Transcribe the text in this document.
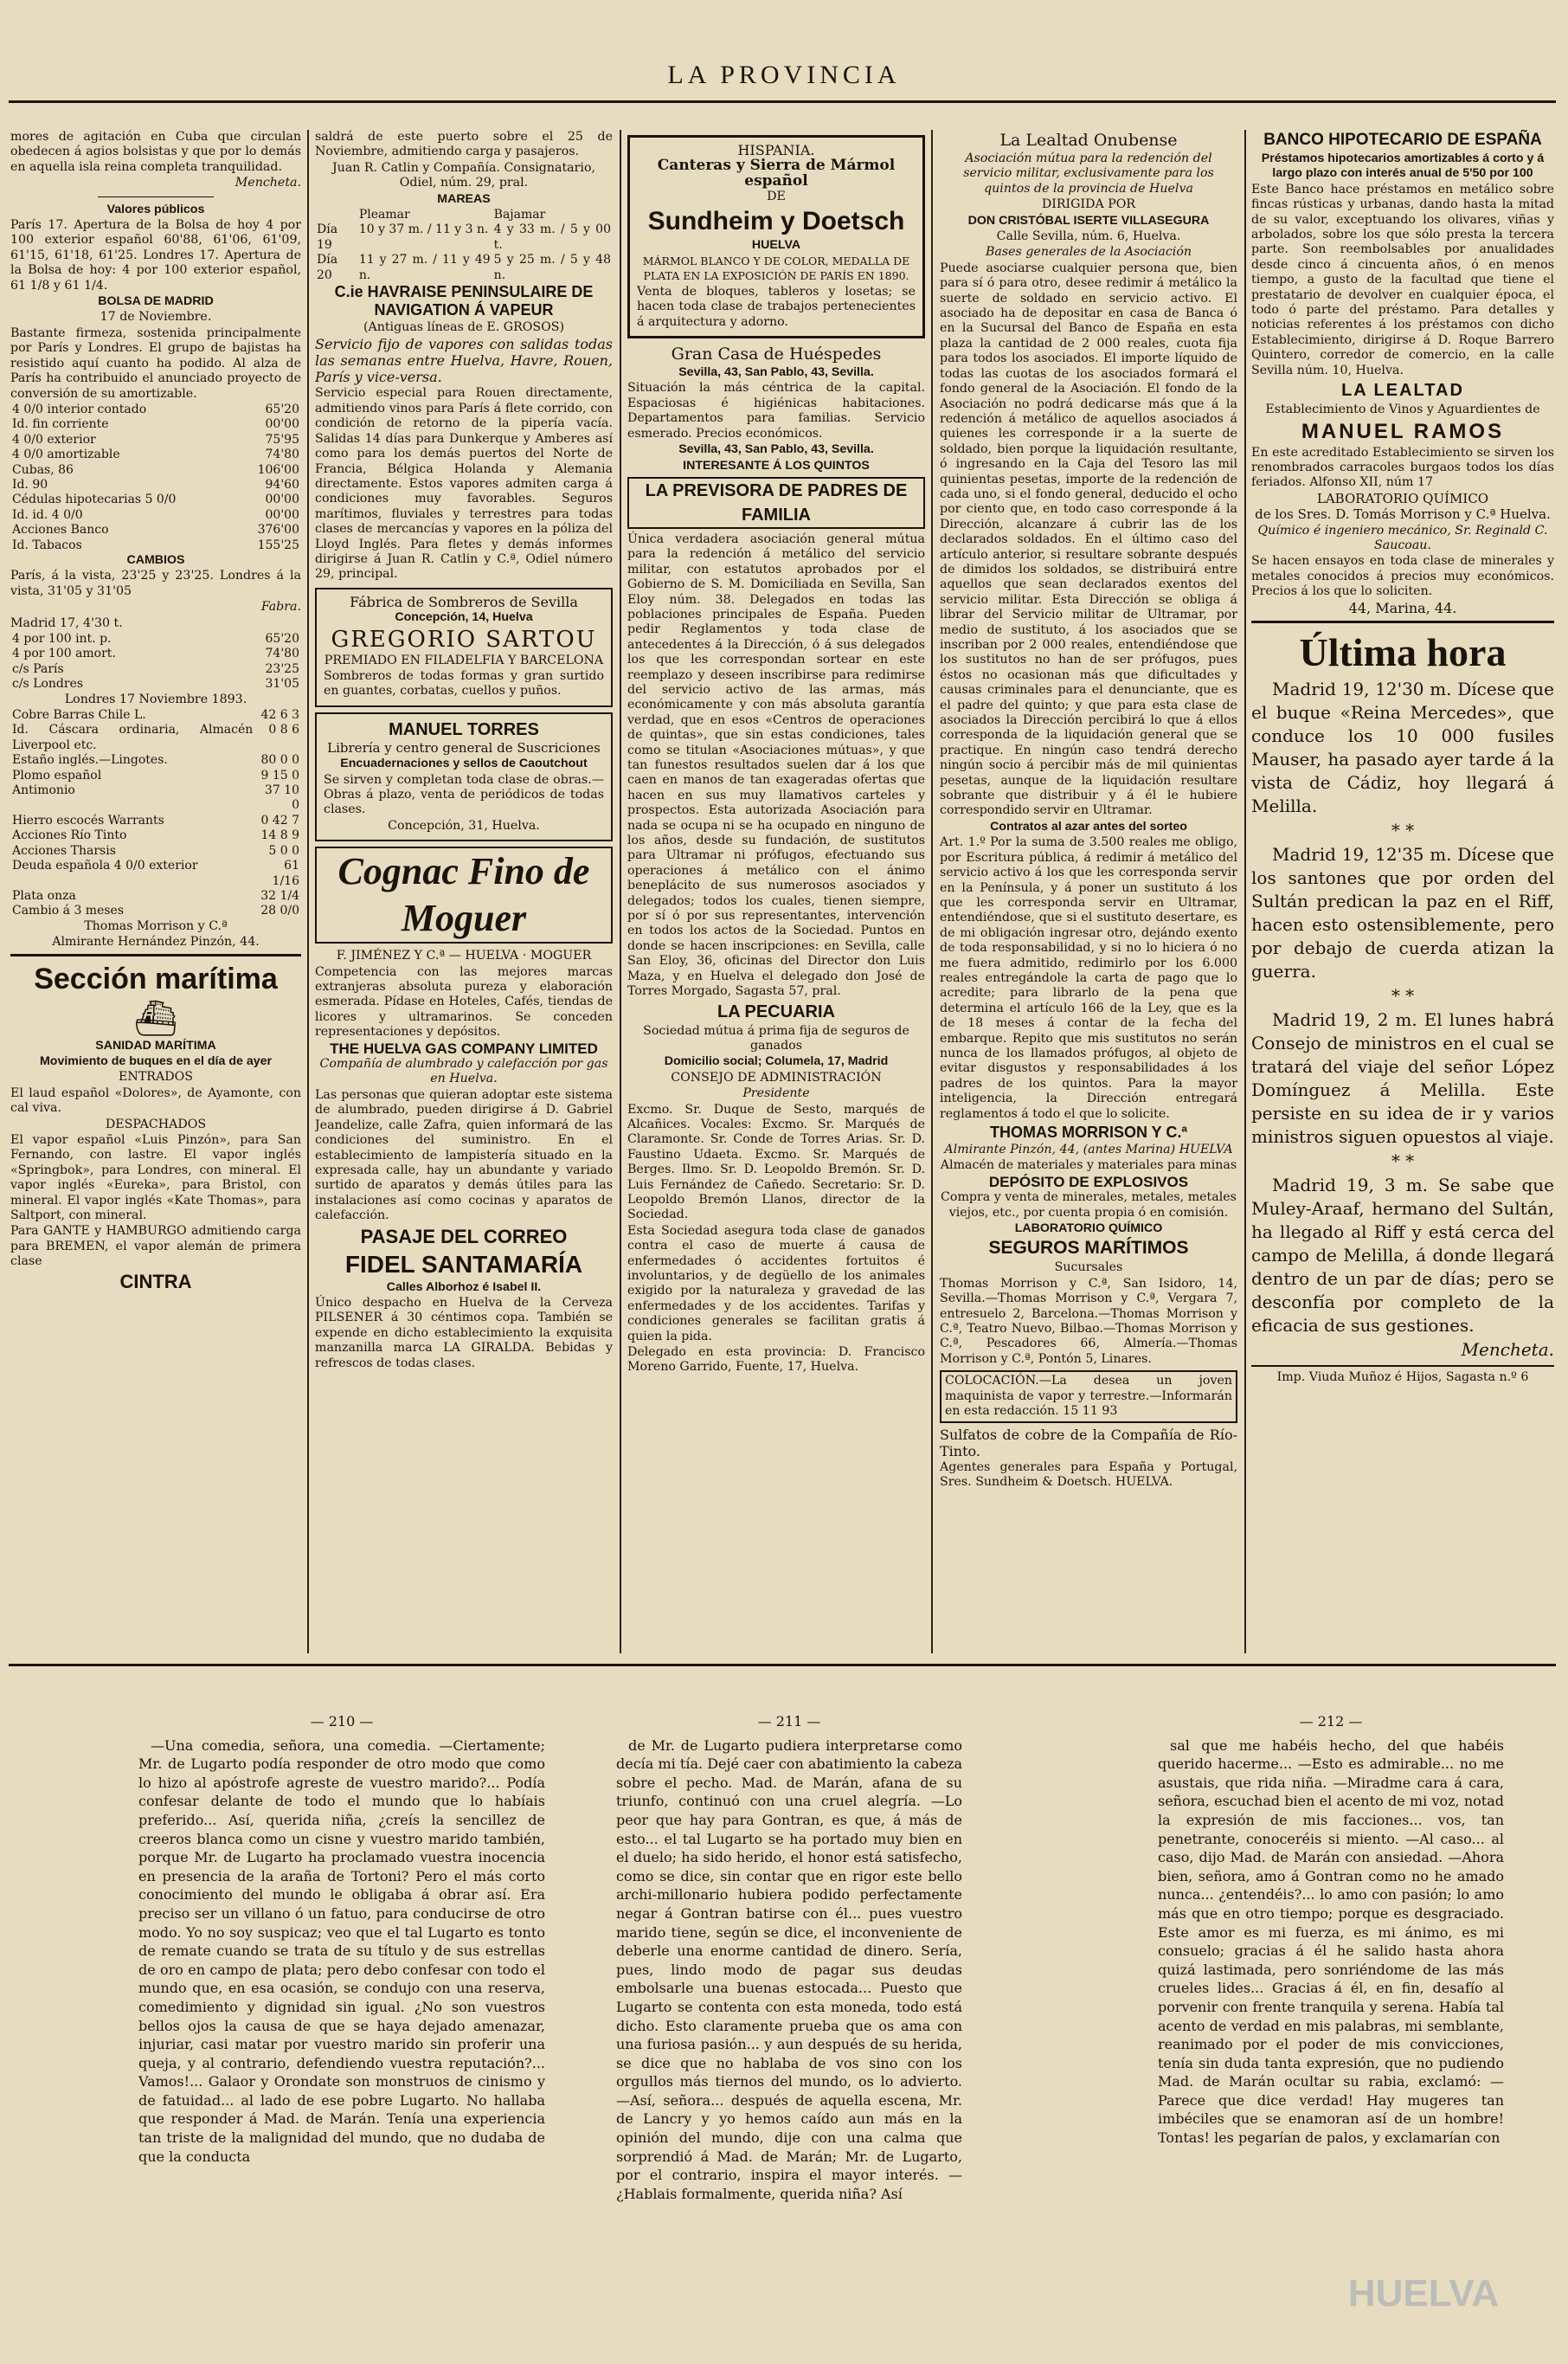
LA PROVINCIA

mores de agitación en Cuba que circulan obedecen á agios bolsistas y que por lo demás en aquella isla reina completa tranquilidad.

Mencheta.

Valores públicos

París 17. Apertura de la Bolsa de hoy 4 por 100 exterior español 60'88, 61'06, 61'09, 61'15, 61'18, 61'25. Londres 17. Apertura de la Bolsa de hoy: 4 por 100 exterior español, 61 1/8 y 61 1/4.

BOLSA DE MADRID

17 de Noviembre.

Bastante firmeza, sostenida principalmente por París y Londres. El grupo de bajistas ha resistido aquí cuanto ha podido. Al alza de París ha contribuido el anunciado proyecto de conversión de su amortizable.

4 0/0 interior contado	65'20
Id. fin corriente	00'00
4 0/0 exterior	75'95
4 0/0 amortizable	74'80
Cubas, 86	106'00
Id. 90	94'60
Cédulas hipotecarias 5 0/0	00'00
Id. id. 4 0/0	00'00
Acciones Banco	376'00
Id. Tabacos	155'25

CAMBIOS

París, á la vista, 23'25 y 23'25. Londres á la vista, 31'05 y 31'05

Fabra.

Madrid 17, 4'30 t.

4 por 100 int. p.	65'20
4 por 100 amort.	74'80
c/s París	23'25
c/s Londres	31'05

Londres 17 Noviembre 1893.

Cobre Barras Chile L.	42 6 3
Id. Cáscara ordinaria, Almacén Liverpool etc.	0 8 6
Estaño inglés.—Lingotes.	80 0 0
Plomo español	9 15 0
Antimonio	37 10 0
Hierro escocés Warrants	0 42 7
Acciones Río Tinto	14 8 9
Acciones Tharsis	5 0 0
Deuda española 4 0/0 exterior	61 1/16
Plata onza	32 1/4
Cambio á 3 meses	28 0/0

Thomas Morrison y C.ª

Almirante Hernández Pinzón, 44.

Sección marítima

⛴

SANIDAD MARÍTIMA

Movimiento de buques en el día de ayer

ENTRADOS

El laud español «Dolores», de Ayamonte, con cal viva.

DESPACHADOS

El vapor español «Luis Pinzón», para San Fernando, con lastre. El vapor inglés «Springbok», para Londres, con mineral. El vapor inglés «Eureka», para Bristol, con mineral. El vapor inglés «Kate Thomas», para Saltport, con mineral.

Para GANTE y HAMBURGO admitiendo carga para BREMEN, el vapor alemán de primera clase

CINTRA

saldrá de este puerto sobre el 25 de Noviembre, admitiendo carga y pasajeros.

Juan R. Catlin y Compañía. Consignatario, Odiel, núm. 29, pral.

MAREAS

	Pleamar	Bajamar
Día 19	10 y 37 m. / 11 y 3 n.	4 y 33 m. / 5 y 00 t.
Día 20	11 y 27 m. / 11 y 49 n.	5 y 25 m. / 5 y 48 n.

C.ie HAVRAISE PENINSULAIRE DE NAVIGATION Á VAPEUR

(Antiguas líneas de E. GROSOS)

Servicio fijo de vapores con salidas todas las semanas entre Huelva, Havre, Rouen, París y vice-versa.

Servicio especial para Rouen directamente, admitiendo vinos para París á flete corrido, con condición de retorno de la pipería vacía. Salidas 14 días para Dunkerque y Amberes así como para los demás puertos del Norte de Francia, Bélgica Holanda y Alemania directamente. Estos vapores admiten carga á condiciones muy favorables. Seguros marítimos, fluviales y terrestres para todas clases de mercancías y vapores en la póliza del Lloyd Inglés. Para fletes y demás informes dirigirse á Juan R. Catlin y C.ª, Odiel número 29, principal.

Fábrica de Sombreros de Sevilla

Concepción, 14, Huelva

GREGORIO SARTOU

PREMIADO EN FILADELFIA Y BARCELONA

Sombreros de todas formas y gran surtido en guantes, corbatas, cuellos y puños.

MANUEL TORRES

Librería y centro general de Suscriciones

Encuadernaciones y sellos de Caoutchout

Se sirven y completan toda clase de obras.—Obras á plazo, venta de periódicos de todas clases.

Concepción, 31, Huelva.

Cognac Fino de Moguer

F. JIMÉNEZ Y C.ª — HUELVA · MOGUER

Competencia con las mejores marcas extranjeras absoluta pureza y elaboración esmerada. Pídase en Hoteles, Cafés, tiendas de licores y ultramarinos. Se conceden representaciones y depósitos.

THE HUELVA GAS COMPANY LIMITED

Compañía de alumbrado y calefacción por gas en Huelva.

Las personas que quieran adoptar este sistema de alumbrado, pueden dirigirse á D. Gabriel Jeandelize, calle Zafra, quien informará de las condiciones del suministro. En el establecimiento de lampistería situado en la expresada calle, hay un abundante y variado surtido de aparatos y demás útiles para las instalaciones así como cocinas y aparatos de calefacción.

PASAJE DEL CORREO

FIDEL SANTAMARÍA

Calles Alborhoz é Isabel II.

Único despacho en Huelva de la Cerveza PILSENER á 30 céntimos copa. También se expende en dicho establecimiento la exquisita manzanilla marca LA GIRALDA. Bebidas y refrescos de todas clases.

HISPANIA.

Canteras y Sierra de Mármol español

DE

Sundheim y Doetsch

HUELVA

MÁRMOL BLANCO Y DE COLOR, MEDALLA DE PLATA EN LA EXPOSICIÓN DE PARÍS EN 1890.

Venta de bloques, tableros y losetas; se hacen toda clase de trabajos pertenecientes á arquitectura y adorno.

Gran Casa de Huéspedes

Sevilla, 43, San Pablo, 43, Sevilla.

Situación la más céntrica de la capital. Espaciosas é higiénicas habitaciones. Departamentos para familias. Servicio esmerado. Precios económicos.

Sevilla, 43, San Pablo, 43, Sevilla.

INTERESANTE Á LOS QUINTOS

LA PREVISORA DE PADRES DE FAMILIA

Única verdadera asociación general mútua para la redención á metálico del servicio militar, con estatutos aprobados por el Gobierno de S. M. Domiciliada en Sevilla, San Eloy núm. 38. Delegados en todas las poblaciones principales de España. Pueden pedir Reglamentos y toda clase de antecedentes á la Dirección, ó á sus delegados los que les correspondan sortear en este reemplazo y deseen inscribirse para redimirse del servicio activo de las armas, más económicamente y con más absoluta garantía verdad, que en esos «Centros de operaciones de quintas», que sin estas condiciones, tales como se titulan «Asociaciones mútuas», y que tan funestos resultados suelen dar á los que caen en manos de tan exageradas ofertas que hacen en sus muy llamativos carteles y prospectos. Esta autorizada Asociación para nada se ocupa ni se ha ocupado en ninguno de los años, desde su fundación, de sustitutos para Ultramar ni prófugos, efectuando sus operaciones á metálico con el ánimo beneplácito de sus numerosos asociados y delegados; todos los cuales, tienen siempre, por sí ó por sus representantes, intervención en todos los actos de la Sociedad. Puntos en donde se hacen inscripciones: en Sevilla, calle San Eloy, 36, oficinas del Director don Luis Maza, y en Huelva el delegado don José de Torres Morgado, Sagasta 57, pral.

LA PECUARIA

Sociedad mútua á prima fija de seguros de ganados

Domicilio social; Columela, 17, Madrid

CONSEJO DE ADMINISTRACIÓN

Presidente

Excmo. Sr. Duque de Sesto, marqués de Alcañices. Vocales: Excmo. Sr. Marqués de Claramonte. Sr. Conde de Torres Arias. Sr. D. Faustino Udaeta. Excmo. Sr. Marqués de Berges. Ilmo. Sr. D. Leopoldo Bremón. Sr. D. Luis Fernández de Cañedo. Secretario: Sr. D. Leopoldo Bremón Llanos, director de la Sociedad.

Esta Sociedad asegura toda clase de ganados contra el caso de muerte á causa de enfermedades ó accidentes fortuitos é involuntarios, y de degüello de los animales exigido por la naturaleza y gravedad de las enfermedades y de los accidentes. Tarifas y condiciones generales se facilitan gratis á quien la pida.

Delegado en esta provincia: D. Francisco Moreno Garrido, Fuente, 17, Huelva.

La Lealtad Onubense

Asociación mútua para la redención del servicio militar, exclusivamente para los quintos de la provincia de Huelva

DIRIGIDA POR

DON CRISTÓBAL ISERTE VILLASEGURA

Calle Sevilla, núm. 6, Huelva.

Bases generales de la Asociación

Puede asociarse cualquier persona que, bien para sí ó para otro, desee redimir á metálico la suerte de soldado en servicio activo. El asociado ha de depositar en casa de Banca ó en la Sucursal del Banco de España en esta plaza la cantidad de 2 000 reales, cuota fija para todos los asociados. El importe líquido de todas las cuotas de los asociados formará el fondo general de la Asociación. El fondo de la Asociación no podrá dedicarse más que á la redención á metálico de aquellos asociados á quienes les corresponde ir a la suerte de soldado, bien porque la liquidación resultante, ó ingresando en la Caja del Tesoro las mil quinientas pesetas, importe de la redención de cada uno, si el fondo general, deducido el ocho por ciento que, en todo caso corresponde á la Dirección, alcanzare á cubrir las de los declarados soldados. En el último caso del artículo anterior, si resultare sobrante después de dimidos los soldados, se distribuirá entre aquellos que sean declarados exentos del servicio militar. Esta Dirección se obliga á librar del Servicio militar de Ultramar, por medio de sustituto, á los asociados que se inscriban por 2 000 reales, entendiéndose que los sustitutos no han de ser prófugos, pues éstos no ocasionan más que dificultades y causas criminales para el denunciante, que es el padre del quinto; y que para esta clase de asociados la Dirección percibirá lo que á ellos corresponda de la liquidación general que se practique. En ningún caso tendrá derecho ningún socio á percibir más de mil quinientas pesetas, aunque de la liquidación resultare sobrante que distribuir y á él le hubiere correspondido servir en Ultramar.

Contratos al azar antes del sorteo

Art. 1.º Por la suma de 3.500 reales me obligo, por Escritura pública, á redimir á metálico del servicio activo á los que les corresponda servir en la Península, y á poner un sustituto á los que les corresponda servir en Ultramar, entendiéndose, que si el sustituto desertare, es de mi obligación ingresar otro, dejándo exento de toda responsabilidad, y si no lo hiciera ó no me fuera admitido, redimirlo por los 6.000 reales entregándole la carta de pago que lo acredite; para librarlo de la pena que determina el artículo 166 de la Ley, que es la de 18 meses á contar de la fecha del embarque. Repito que mis sustitutos no serán nunca de los llamados prófugos, al objeto de evitar disgustos y responsabilidades á los padres de los quintos. Para la mayor inteligencia, la Dirección entregará reglamentos á todo el que lo solicite.

THOMAS MORRISON Y C.ª

Almirante Pinzón, 44, (antes Marina) HUELVA

Almacén de materiales y materiales para minas

DEPÓSITO DE EXPLOSIVOS

Compra y venta de minerales, metales, metales viejos, etc., por cuenta propia ó en comisión.

LABORATORIO QUÍMICO

SEGUROS MARÍTIMOS

Sucursales

Thomas Morrison y C.ª, San Isidoro, 14, Sevilla.—Thomas Morrison y C.ª, Vergara 7, entresuelo 2, Barcelona.—Thomas Morrison y C.ª, Teatro Nuevo, Bilbao.—Thomas Morrison y C.ª, Pescadores 66, Almería.—Thomas Morrison y C.ª, Pontón 5, Linares.

COLOCACIÓN.—La desea un joven maquinista de vapor y terrestre.—Informarán en esta redacción. 15 11 93

Sulfatos de cobre de la Compañía de Río-Tinto.

Agentes generales para España y Portugal, Sres. Sundheim & Doetsch. HUELVA.

BANCO HIPOTECARIO DE ESPAÑA

Préstamos hipotecarios amortizables á corto y á largo plazo con interés anual de 5'50 por 100

Este Banco hace préstamos en metálico sobre fincas rústicas y urbanas, dando hasta la mitad de su valor, exceptuando los olivares, viñas y arbolados, sobre los que sólo presta la tercera parte. Son reembolsables por anualidades desde cinco á cincuenta años, ó en menos tiempo, a gusto de la facultad que tiene el prestatario de devolver en cualquier época, el todo ó parte del préstamo. Para detalles y noticias referentes á los préstamos con dicho Establecimiento, dirigirse á D. Roque Barrero Quintero, corredor de comercio, en la calle Sevilla núm. 10, Huelva.

LA LEALTAD

Establecimiento de Vinos y Aguardientes de

MANUEL RAMOS

En este acreditado Establecimiento se sirven los renombrados carracoles burgaos todos los días feriados. Alfonso XII, núm 17

LABORATORIO QUÍMICO

de los Sres. D. Tomás Morrison y C.ª Huelva.

Químico é ingeniero mecánico, Sr. Reginald C. Saucoau.

Se hacen ensayos en toda clase de minerales y metales conocidos á precios muy económicos. Precios á los que lo soliciten.

44, Marina, 44.

Última hora

Madrid 19, 12'30 m. Dícese que el buque «Reina Mercedes», que conduce los 10 000 fusiles Mauser, ha pasado ayer tarde á la vista de Cádiz, hoy llegará á Melilla.

* *

Madrid 19, 12'35 m. Dícese que los santones que por orden del Sultán predican la paz en el Riff, hacen esto ostensiblemente, pero por debajo de cuerda atizan la guerra.

* *

Madrid 19, 2 m. El lunes habrá Consejo de ministros en el cual se tratará del viaje del señor López Domínguez á Melilla. Este persiste en su idea de ir y varios ministros siguen opuestos al viaje.

* *

Madrid 19, 3 m. Se sabe que Muley-Araaf, hermano del Sultán, ha llegado al Riff y está cerca del campo de Melilla, á donde llegará dentro de un par de días; pero se desconfía por completo de la eficacia de sus gestiones.

Mencheta.

Imp. Viuda Muñoz é Hijos, Sagasta n.º 6

— 210 —

—Una comedia, señora, una comedia. —Ciertamente; Mr. de Lugarto podía responder de otro modo que como lo hizo al apóstrofe agreste de vuestro marido?... Podía confesar delante de todo el mundo que lo habíais preferido... Así, querida niña, ¿creís la sencillez de creeros blanca como un cisne y vuestro marido también, porque Mr. de Lugarto ha proclamado vuestra inocencia en presencia de la araña de Tortoni? Pero el más corto conocimiento del mundo le obligaba á obrar así. Era preciso ser un villano ó un fatuo, para conducirse de otro modo. Yo no soy suspicaz; veo que el tal Lugarto es tonto de remate cuando se trata de su título y de sus estrellas de oro en campo de plata; pero debo confesar con todo el mundo que, en esa ocasión, se condujo con una reserva, comedimiento y dignidad sin igual. ¿No son vuestros bellos ojos la causa de que se haya dejado amenazar, injuriar, casi matar por vuestro marido sin proferir una queja, y al contrario, defendiendo vuestra reputación?... Vamos!... Galaor y Orondate son monstruos de cinismo y de fatuidad... al lado de ese pobre Lugarto. No hallaba que responder á Mad. de Marán. Tenía una experiencia tan triste de la malignidad del mundo, que no dudaba de que la conducta

— 211 —

de Mr. de Lugarto pudiera interpretarse como decía mi tía. Dejé caer con abatimiento la cabeza sobre el pecho. Mad. de Marán, afana de su triunfo, continuó con una cruel alegría. —Lo peor que hay para Gontran, es que, á más de esto... el tal Lugarto se ha portado muy bien en el duelo; ha sido herido, el honor está satisfecho, como se dice, sin contar que en rigor este bello archi-millonario hubiera podido perfectamente negar á Gontran batirse con él... pues vuestro marido tiene, según se dice, el inconveniente de deberle una enorme cantidad de dinero. Sería, pues, lindo modo de pagar sus deudas embolsarle una buenas estocada... Puesto que Lugarto se contenta con esta moneda, todo está dicho. Esto claramente prueba que os ama con una furiosa pasión... y aun después de su herida, se dice que no hablaba de vos sino con los orgullos más tiernos del mundo, os lo advierto. —Así, señora... después de aquella escena, Mr. de Lancry y yo hemos caído aun más en la opinión del mundo, dije con una calma que sorprendió á Mad. de Marán; Mr. de Lugarto, por el contrario, inspira el mayor interés. —¿Hablais formalmente, querida niña? Así

— 212 —

sal que me habéis hecho, del que habéis querido hacerme... —Esto es admirable... no me asustais, que rida niña. —Miradme cara á cara, señora, escuchad bien el acento de mi voz, notad la expresión de mis facciones... vos, tan penetrante, conoceréis si miento. —Al caso... al caso, dijo Mad. de Marán con ansiedad. —Ahora bien, señora, amo á Gontran como no he amado nunca... ¿entendéis?... lo amo con pasión; lo amo más que en otro tiempo; porque es desgraciado. Este amor es mi fuerza, es mi ánimo, es mi consuelo; gracias á él he salido hasta ahora quizá lastimada, pero sonriéndome de las más crueles lides... Gracias á él, en fin, desafío al porvenir con frente tranquila y serena. Había tal acento de verdad en mis palabras, mi semblante, reanimado por el poder de mis convicciones, tenía sin duda tanta expresión, que no pudiendo Mad. de Marán ocultar su rabia, exclamó: —Parece que dice verdad! Hay mugeres tan imbéciles que se enamoran así de un hombre! Tontas! les pegarían de palos, y exclamarían con

HUELVA
